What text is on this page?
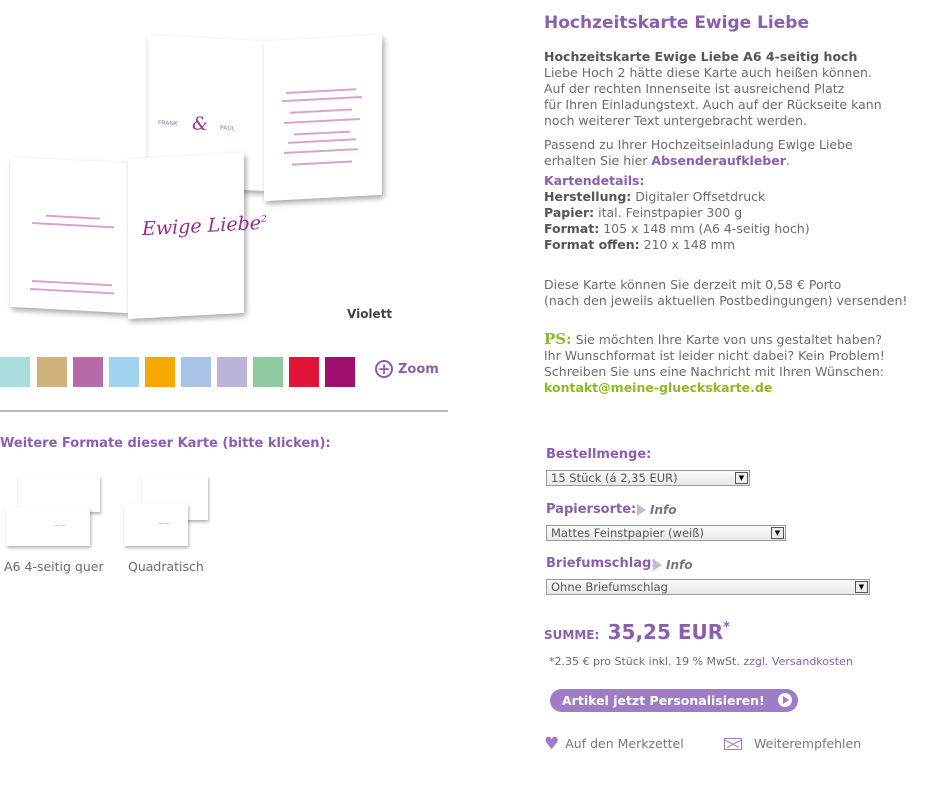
FRANK & PAUL
Ewige Liebe$^2$
Violett
+ Zoom
Weitere Formate dieser Karte (bitte klicken):
~~
A6 4-seitig quer
~~
Quadratisch
Hochzeitskarte Ewige Liebe
Hochzeitskarte Ewige Liebe A6 4-seitig hoch
Liebe Hoch 2 hätte diese Karte auch heißen können.
Auf der rechten Innenseite ist ausreichend Platz
für Ihren Einladungstext. Auch auf der Rückseite kann
noch weiterer Text untergebracht werden.
Passend zu Ihrer Hochzeitseinladung Ewige Liebe
erhalten Sie hier Absenderaufkleber.
Kartendetails:
Herstellung: Digitaler Offsetdruck
Papier: ital. Feinstpapier 300 g
Format: 105 x 148 mm (A6 4-seitig hoch)
Format offen: 210 x 148 mm
Diese Karte können Sie derzeit mit 0,58 € Porto
(nach den jeweils aktuellen Postbedingungen) versenden!
PS: Sie möchten Ihre Karte von uns gestaltet haben?
Ihr Wunschformat ist leider nicht dabei? Kein Problem!
Schreiben Sie uns eine Nachricht mit Ihren Wünschen:
kontakt@meine-glueckskarte.de
Bestellmenge:
15 Stück (á 2,35 EUR)	▼
Papiersorte: Info
Mattes Feinstpapier (weiß)	▼
Briefumschlag: Info
Ohne Briefumschlag	▼
SUMME: 35,25 EUR*
*2.35 € pro Stück inkl. 19 % MwSt. zzgl. Versandkosten
Artikel jetzt Personalisieren!
♥ Auf den Merkzettel	Weiterempfehlen
